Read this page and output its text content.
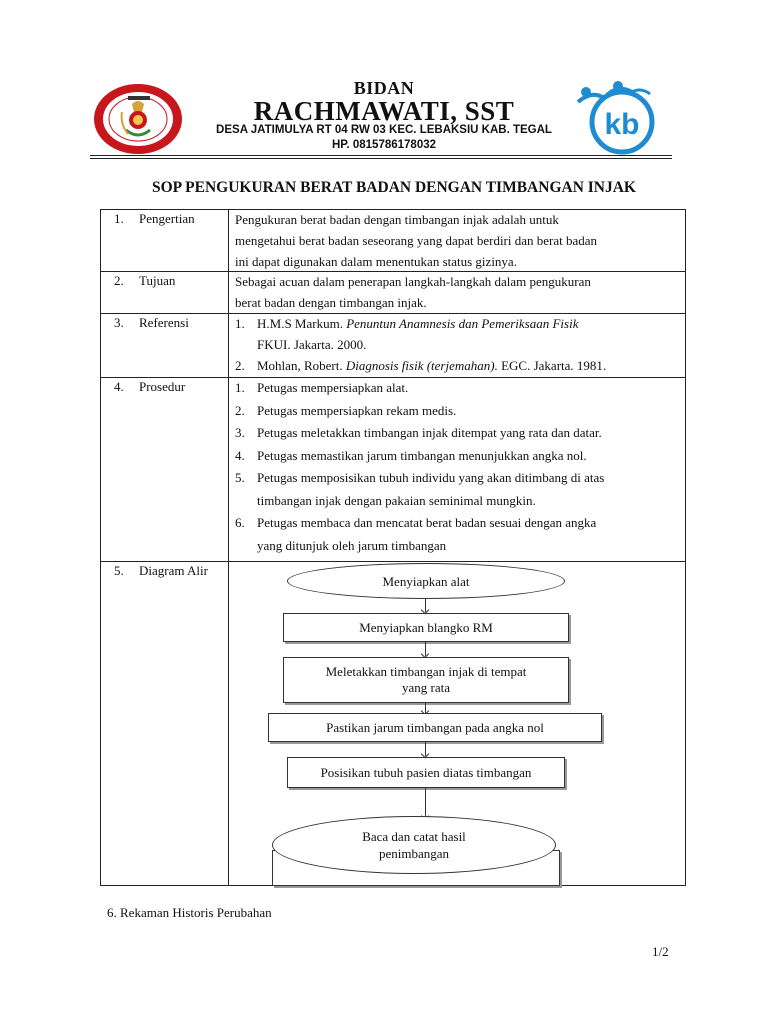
kb
BIDAN
RACHMAWATI, SST
DESA JATIMULYA RT 04 RW 03 KEC. LEBAKSIU KAB. TEGAL
HP. 0815786178032
SOP PENGUKURAN BERAT BADAN DENGAN TIMBANGAN INJAK
1. Pengertian	Pengukuran berat badan dengan timbangan injak adalah untuk
mengetahui berat badan seseorang yang dapat berdiri dan berat badan
ini dapat digunakan dalam menentukan status gizinya.
2. Tujuan	Sebagai acuan dalam penerapan langkah-langkah dalam pengukuran
berat badan dengan timbangan injak.
3. Referensi	1. H.M.S Markum. Penuntun Anamnesis dan Pemeriksaan Fisik
FKUI. Jakarta. 2000.
2. Mohlan, Robert. Diagnosis fisik (terjemahan). EGC. Jakarta. 1981.
4. Prosedur	1. Petugas mempersiapkan alat.
2. Petugas mempersiapkan rekam medis.
3. Petugas meletakkan timbangan injak ditempat yang rata dan datar.
4. Petugas memastikan jarum timbangan menunjukkan angka nol.
5. Petugas memposisikan tubuh individu yang akan ditimbang di atas
timbangan injak dengan pakaian seminimal mungkin.
6. Petugas membaca dan mencatat berat badan sesuai dengan angka
yang ditunjuk oleh jarum timbangan
5. Diagram Alir
Menyiapkan alat
Menyiapkan blangko RM
Meletakkan timbangan injak di tempat
yang rata
Pastikan jarum timbangan pada angka nol
Posisikan tubuh pasien diatas timbangan
Baca dan catat hasil
penimbangan
6. Rekaman Historis Perubahan
1/2
